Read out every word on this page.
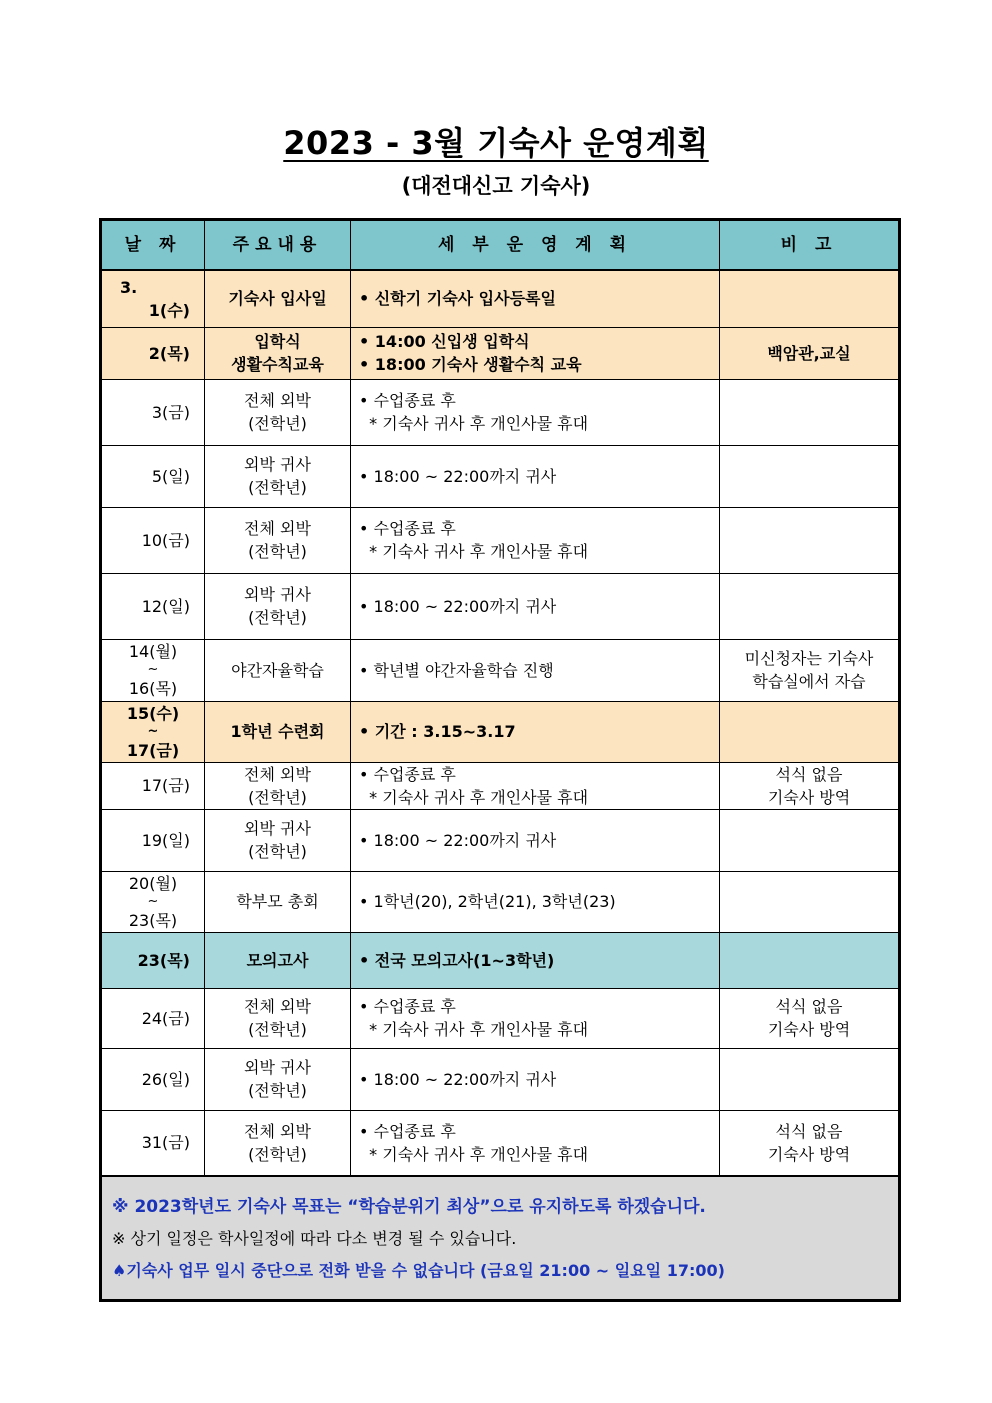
2023 - 3월 기숙사 운영계획
(대전대신고 기숙사)
날 짜	주요내용	세 부 운 영 계 획	비 고
3.
1(수)	기숙사 입사일	• 신학기 기숙사 입사등록일	

2(목)	입학식
생활수칙교육	• 14:00 신입생 입학식
• 18:00 기숙사 생활수칙 교육	백암관,교실

3(금)	전체 외박
(전학년)	• 수업종료 후
* 기숙사 귀사 후 개인사물 휴대	

5(일)	외박 귀사
(전학년)	• 18:00 ~ 22:00까지 귀사	

10(금)	전체 외박
(전학년)	• 수업종료 후
* 기숙사 귀사 후 개인사물 휴대	

12(일)	외박 귀사
(전학년)	• 18:00 ~ 22:00까지 귀사	

14(월)
~
16(목)	야간자율학습	• 학년별 야간자율학습 진행	미신청자는 기숙사
학습실에서 자습

15(수)
~
17(금)	1학년 수련회	• 기간 : 3.15~3.17	

17(금)	전체 외박
(전학년)	• 수업종료 후
* 기숙사 귀사 후 개인사물 휴대	석식 없음
기숙사 방역

19(일)	외박 귀사
(전학년)	• 18:00 ~ 22:00까지 귀사	

20(월)
~
23(목)	학부모 총회	• 1학년(20), 2학년(21), 3학년(23)	

23(목)	모의고사	• 전국 모의고사(1~3학년)	

24(금)	전체 외박
(전학년)	• 수업종료 후
* 기숙사 귀사 후 개인사물 휴대	석식 없음
기숙사 방역

26(일)	외박 귀사
(전학년)	• 18:00 ~ 22:00까지 귀사	

31(금)	전체 외박
(전학년)	• 수업종료 후
* 기숙사 귀사 후 개인사물 휴대	석식 없음
기숙사 방역

※ 2023학년도 기숙사 목표는 “학습분위기 최상”으로 유지하도록 하겠습니다.
※ 상기 일정은 학사일정에 따라 다소 변경 될 수 있습니다.
♠기숙사 업무 일시 중단으로 전화 받을 수 없습니다 (금요일 21:00 ~ 일요일 17:00)			
